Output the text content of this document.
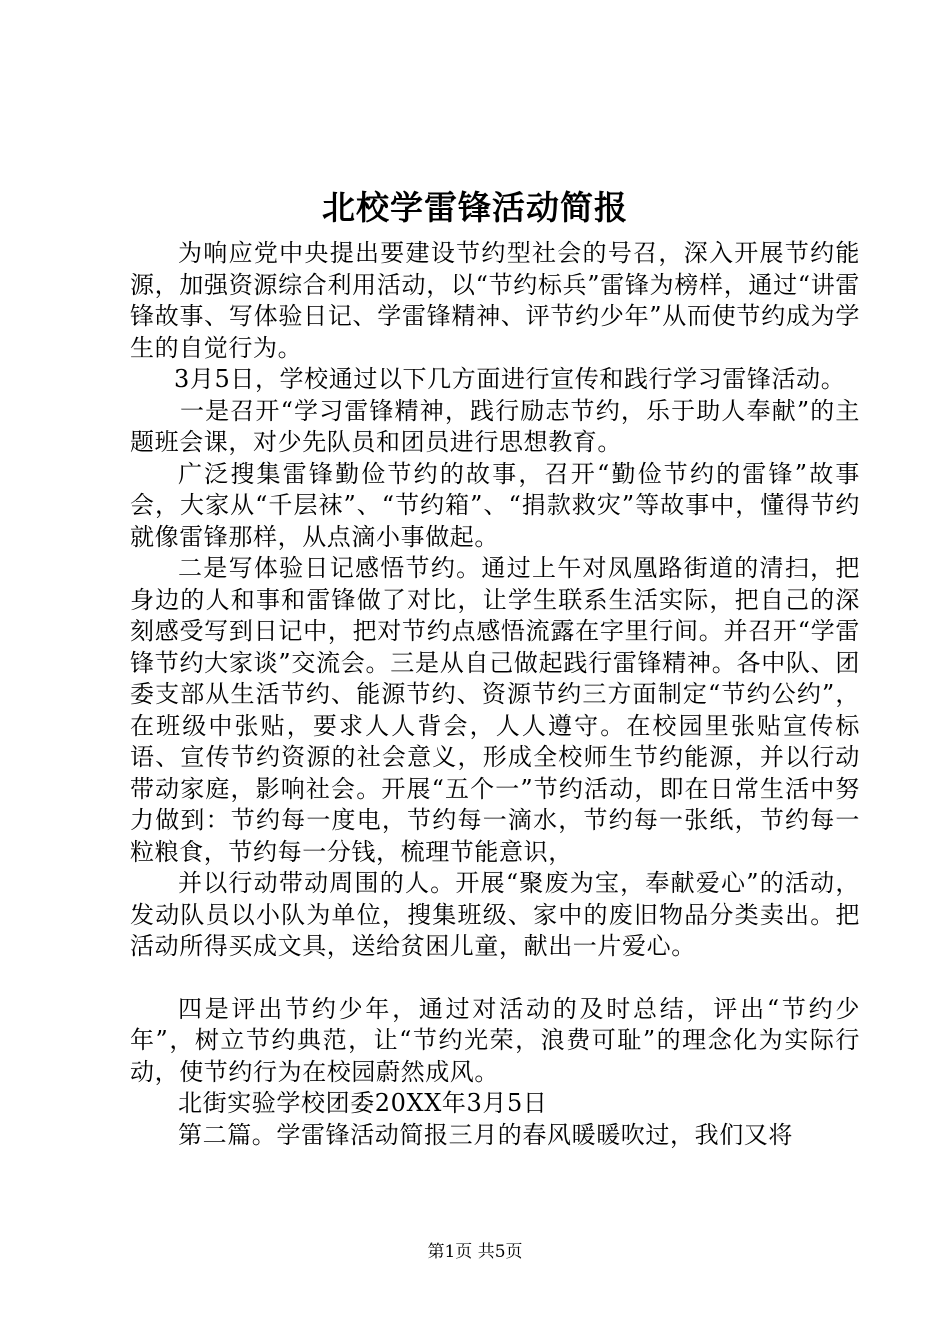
北校学雷锋活动简报

为响应党中央提出要建设节约型社会的号召，深入开展节约能源，加强资源综合利用活动，以“节约标兵”雷锋为榜样，通过“讲雷锋故事、写体验日记、学雷锋精神、评节约少年”从而使节约成为学生的自觉行为。

3月5日，学校通过以下几方面进行宣传和践行学习雷锋活动。

一是召开“学习雷锋精神，践行励志节约，乐于助人奉献”的主题班会课，对少先队员和团员进行思想教育。

广泛搜集雷锋勤俭节约的故事，召开“勤俭节约的雷锋”故事会，大家从“千层袜”、“节约箱”、“捐款救灾”等故事中，懂得节约就像雷锋那样，从点滴小事做起。

二是写体验日记感悟节约。通过上午对凤凰路街道的清扫，把身边的人和事和雷锋做了对比，让学生联系生活实际，把自己的深刻感受写到日记中，把对节约点感悟流露在字里行间。并召开“学雷锋节约大家谈”交流会。三是从自己做起践行雷锋精神。各中队、团委支部从生活节约、能源节约、资源节约三方面制定“节约公约”，在班级中张贴，要求人人背会，人人遵守。在校园里张贴宣传标语、宣传节约资源的社会意义，形成全校师生节约能源，并以行动带动家庭，影响社会。开展“五个一”节约活动，即在日常生活中努力做到：节约每一度电，节约每一滴水，节约每一张纸，节约每一粒粮食，节约每一分钱，梳理节能意识，

并以行动带动周围的人。开展“聚废为宝，奉献爱心”的活动，发动队员以小队为单位，搜集班级、家中的废旧物品分类卖出。把活动所得买成文具，送给贫困儿童，献出一片爱心。

四是评出节约少年，通过对活动的及时总结，评出“节约少年”，树立节约典范，让“节约光荣，浪费可耻”的理念化为实际行动，使节约行为在校园蔚然成风。

北街实验学校团委20XX年3月5日

第二篇。学雷锋活动简报三月的春风暖暖吹过，我们又将

第1页 共5页
